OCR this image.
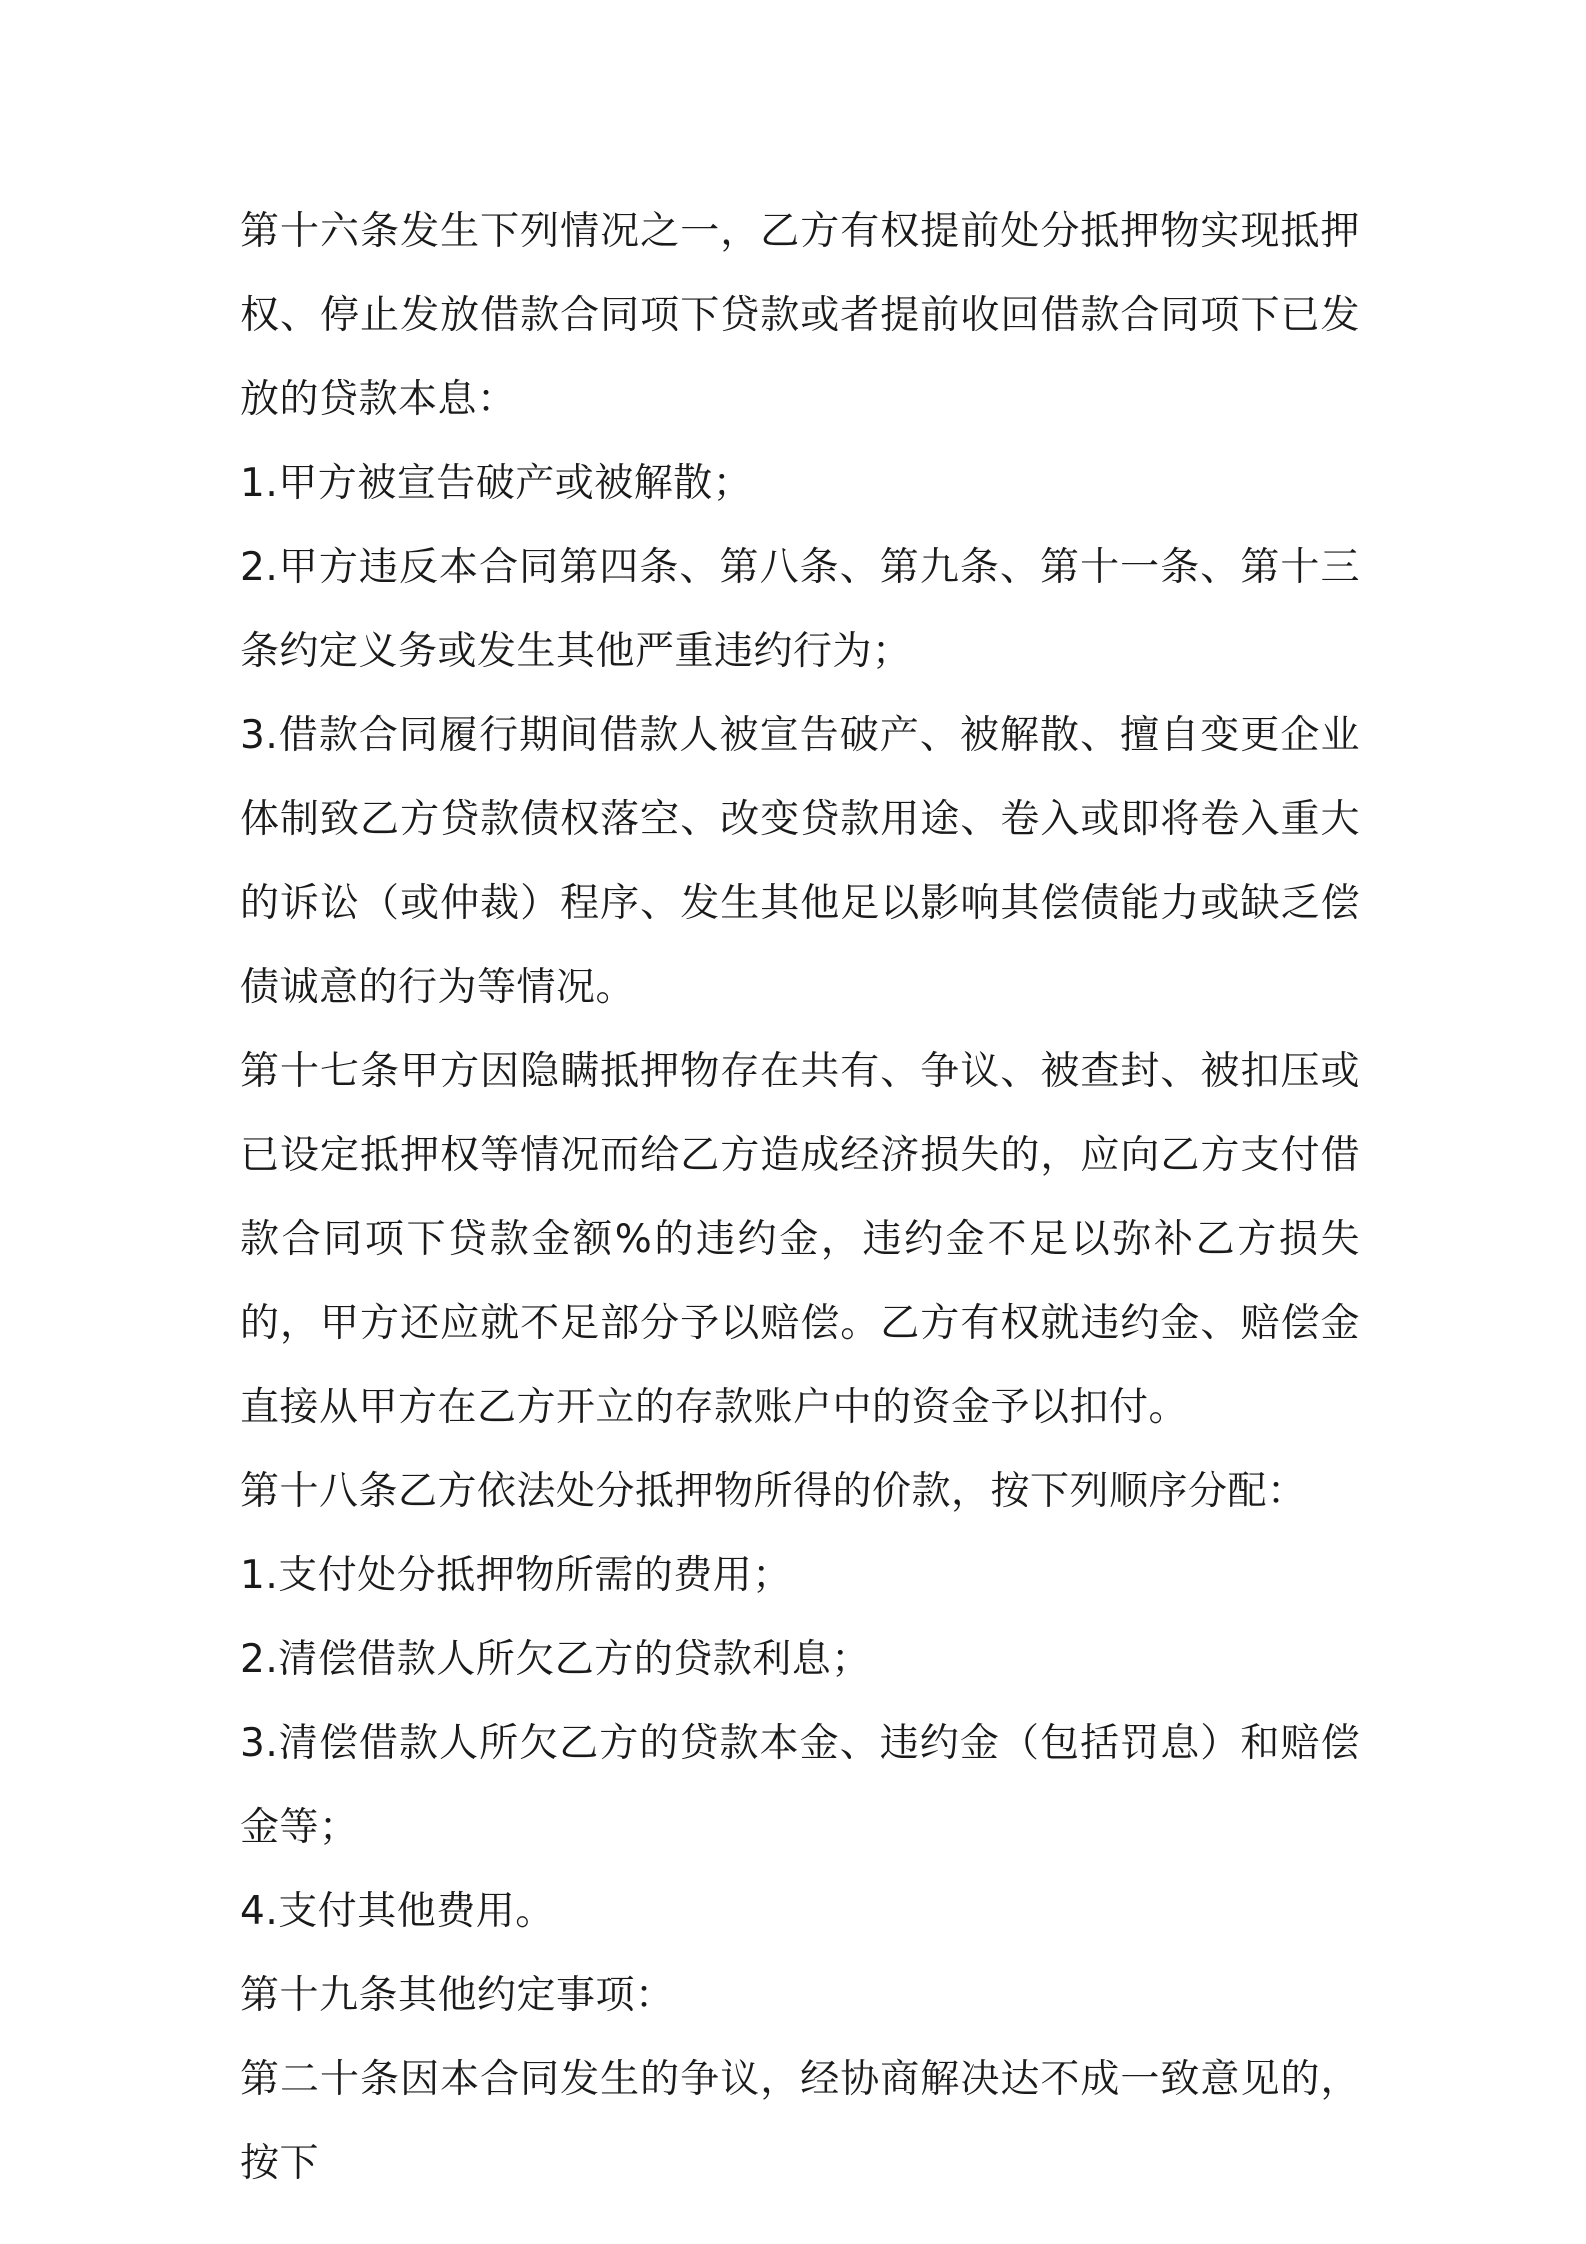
第十六条发生下列情况之一，乙方有权提前处分抵押物实现抵押权、停止发放借款合同项下贷款或者提前收回借款合同项下已发放的贷款本息：

1.甲方被宣告破产或被解散；

2.甲方违反本合同第四条、第八条、第九条、第十一条、第十三条约定义务或发生其他严重违约行为；

3.借款合同履行期间借款人被宣告破产、被解散、擅自变更企业体制致乙方贷款债权落空、改变贷款用途、卷入或即将卷入重大的诉讼（或仲裁）程序、发生其他足以影响其偿债能力或缺乏偿债诚意的行为等情况。

第十七条甲方因隐瞒抵押物存在共有、争议、被查封、被扣压或已设定抵押权等情况而给乙方造成经济损失的，应向乙方支付借款合同项下贷款金额%的违约金，违约金不足以弥补乙方损失的，甲方还应就不足部分予以赔偿。乙方有权就违约金、赔偿金直接从甲方在乙方开立的存款账户中的资金予以扣付。

第十八条乙方依法处分抵押物所得的价款，按下列顺序分配：

1.支付处分抵押物所需的费用；

2.清偿借款人所欠乙方的贷款利息；

3.清偿借款人所欠乙方的贷款本金、违约金（包括罚息）和赔偿金等；

4.支付其他费用。

第十九条其他约定事项：

第二十条因本合同发生的争议，经协商解决达不成一致意见的，按下
